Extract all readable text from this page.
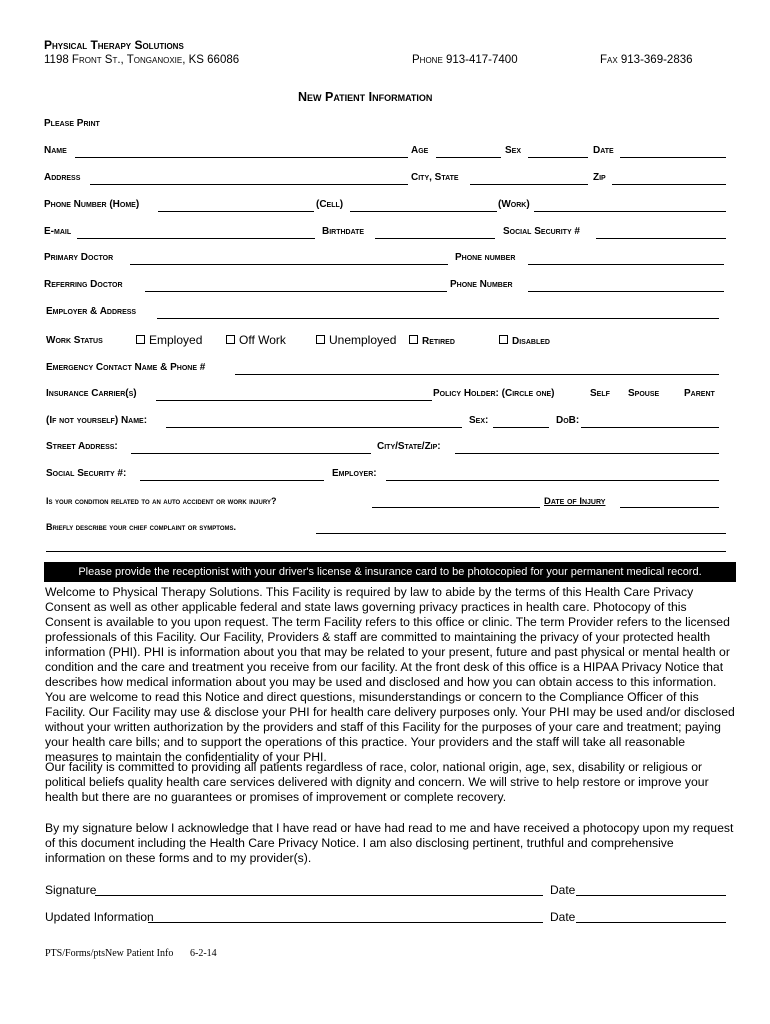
Physical Therapy Solutions
1198 Front St., Tonganoxie, KS 66086	Phone 913-417-7400	Fax 913-369-2836
New Patient Information
Please Print
Name	Age	Sex	Date
Address	City, State	Zip
Phone Number (Home)	(Cell)	(Work)
E-mail	Birthdate	Social Security #
Primary Doctor	Phone number
Referring Doctor	Phone Number
Employer & Address
Work Status	Employed	Off Work	Unemployed	Retired	Disabled
Emergency Contact Name & Phone #
Insurance Carrier(s)	Policy Holder: (Circle one)	Self Spouse Parent
(If not yourself) Name:	Sex:	DoB:
Street Address:	City/State/Zip:
Social Security #:	Employer:
Is your condition related to an auto accident or work injury?	Date of Injury
Briefly describe your chief complaint or symptoms.
Please provide the receptionist with your driver's license & insurance card to be photocopied for your permanent medical record.
Welcome to Physical Therapy Solutions. This Facility is required by law to abide by the terms of this Health Care Privacy Consent as well as other applicable federal and state laws governing privacy practices in health care. Photocopy of this Consent is available to you upon request. The term Facility refers to this office or clinic. The term Provider refers to the licensed professionals of this Facility. Our Facility, Providers & staff are committed to maintaining the privacy of your protected health information (PHI). PHI is information about you that may be related to your present, future and past physical or mental health or condition and the care and treatment you receive from our facility. At the front desk of this office is a HIPAA Privacy Notice that describes how medical information about you may be used and disclosed and how you can obtain access to this information. You are welcome to read this Notice and direct questions, misunderstandings or concern to the Compliance Officer of this Facility. Our Facility may use & disclose your PHI for health care delivery purposes only. Your PHI may be used and/or disclosed without your written authorization by the providers and staff of this Facility for the purposes of your care and treatment; paying your health care bills; and to support the operations of this practice. Your providers and the staff will take all reasonable measures to maintain the confidentiality of your PHI.
Our facility is committed to providing all patients regardless of race, color, national origin, age, sex, disability or religious or political beliefs quality health care services delivered with dignity and concern. We will strive to help restore or improve your health but there are no guarantees or promises of improvement or complete recovery.
By my signature below I acknowledge that I have read or have had read to me and have received a photocopy upon my request of this document including the Health Care Privacy Notice. I am also disclosing pertinent, truthful and comprehensive information on these forms and to my provider(s).
Signature	Date
Updated Information	Date
PTS/Forms/ptsNew Patient Info 6-2-14
